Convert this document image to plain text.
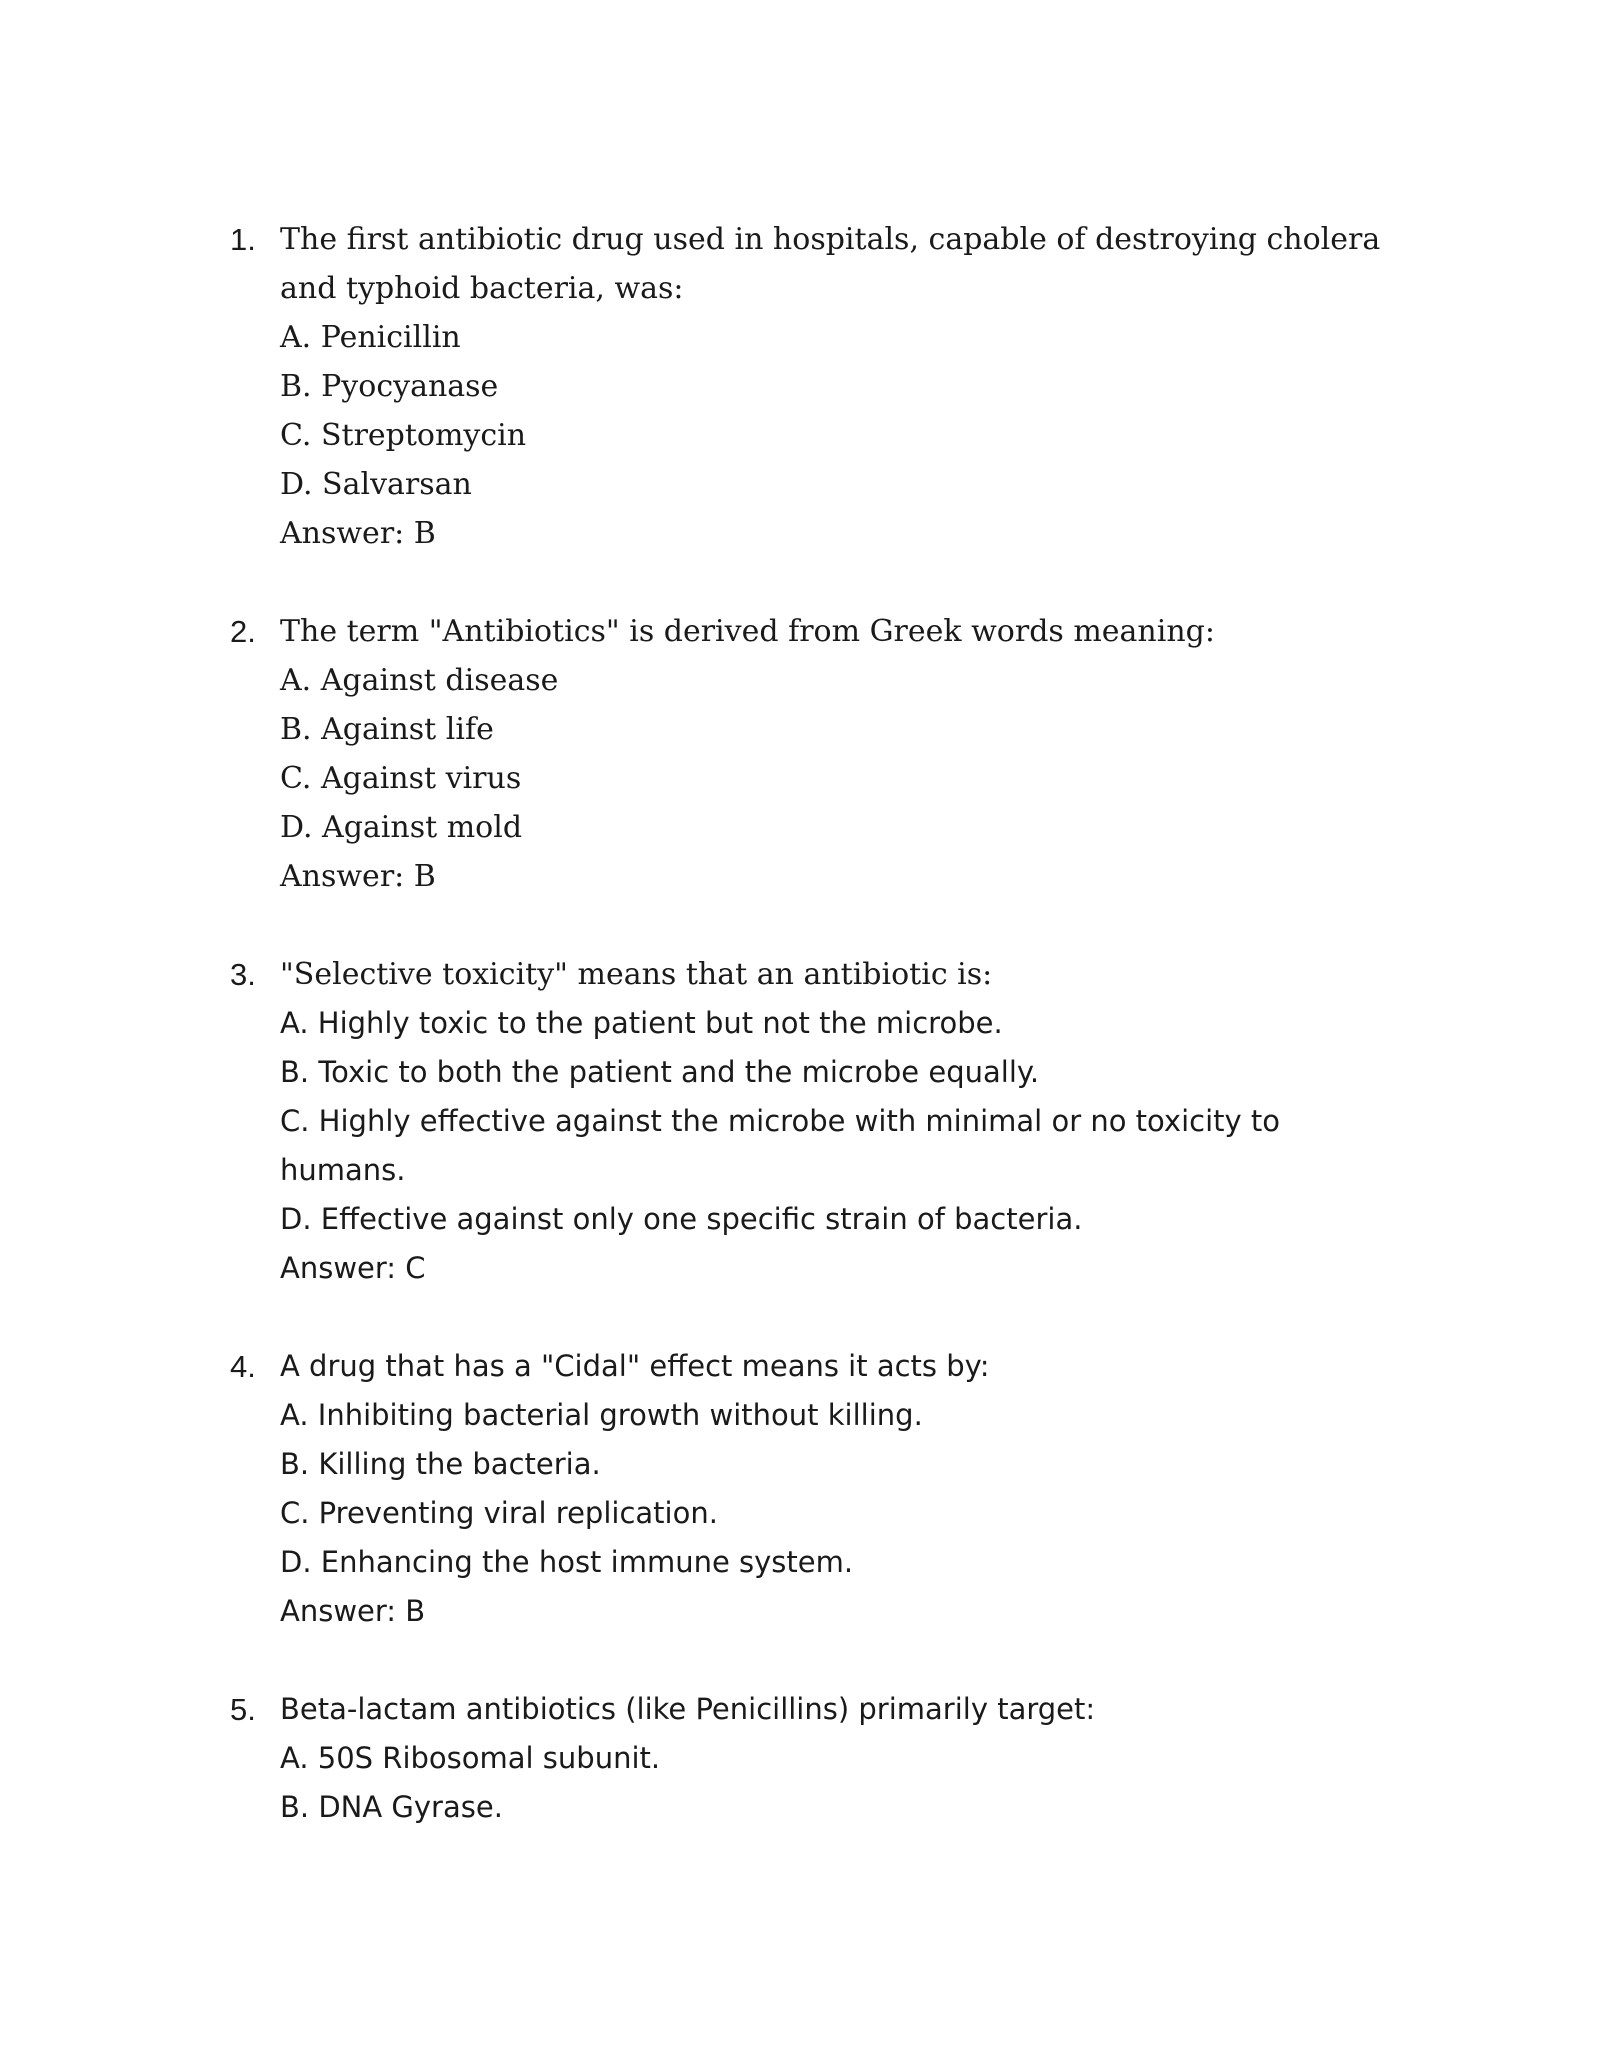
1. The first antibiotic drug used in hospitals, capable of destroying cholera and typhoid bacteria, was:
A. Penicillin
B. Pyocyanase
C. Streptomycin
D. Salvarsan
Answer: B
2. The term "Antibiotics" is derived from Greek words meaning:
A. Against disease
B. Against life
C. Against virus
D. Against mold
Answer: B
3. "Selective toxicity" means that an antibiotic is:
A. Highly toxic to the patient but not the microbe.
B. Toxic to both the patient and the microbe equally.
C. Highly effective against the microbe with minimal or no toxicity to humans.
D. Effective against only one specific strain of bacteria.
Answer: C
4. A drug that has a "Cidal" effect means it acts by:
A. Inhibiting bacterial growth without killing.
B. Killing the bacteria.
C. Preventing viral replication.
D. Enhancing the host immune system.
Answer: B
5. Beta-lactam antibiotics (like Penicillins) primarily target:
A. 50S Ribosomal subunit.
B. DNA Gyrase.
